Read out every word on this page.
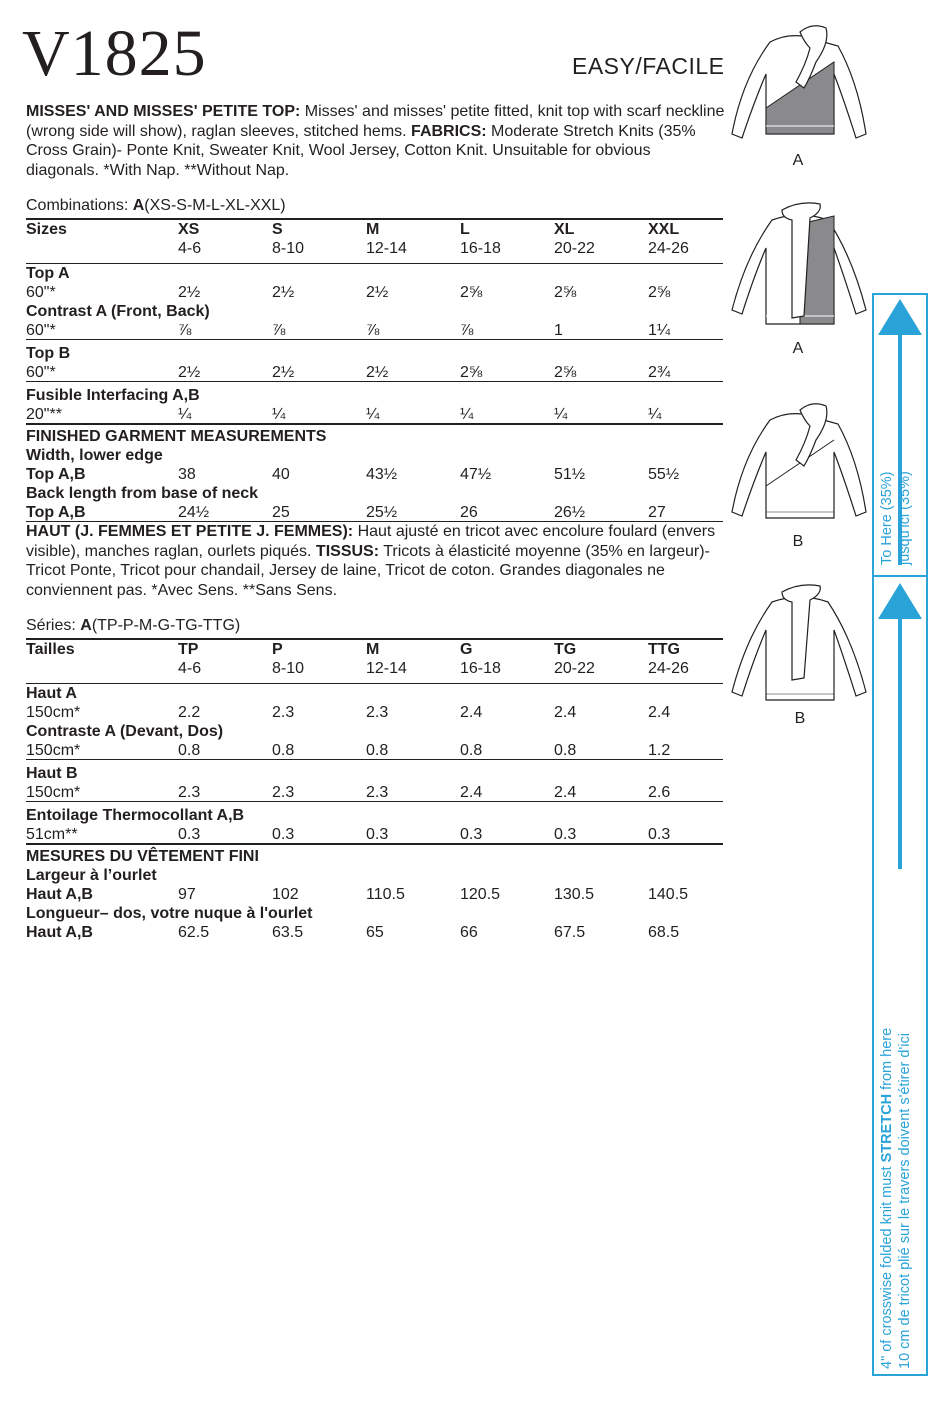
V1825	EASY/FACILE
MISSES' AND MISSES' PETITE TOP: Misses' and misses' petite fitted, knit top with scarf neckline (wrong side will show), raglan sleeves, stitched hems. FABRICS: Moderate Stretch Knits (35% Cross Grain)- Ponte Knit, Sweater Knit, Wool Jersey, Cotton Knit. Unsuitable for obvious diagonals. *With Nap. **Without Nap.
Combinations: A(XS-S-M-L-XL-XXL)
Sizes	XS	S	M	L	XL	XXL
4-6	8-10	12-14	16-18	20-22	24-26
Top A
60"*	2½	2½	2½	2⅝	2⅝	2⅝
Contrast A (Front, Back)
60"*	⅞	⅞	⅞	⅞	1	1¼
Top B
60"*	2½	2½	2½	2⅝	2⅝	2¾
Fusible Interfacing A,B
20"**	¼	¼	¼	¼	¼	¼
FINISHED GARMENT MEASUREMENTS
Width, lower edge
Top A,B	38	40	43½	47½	51½	55½
Back length from base of neck
Top A,B	24½	25	25½	26	26½	27
HAUT (J. FEMMES ET PETITE J. FEMMES): Haut ajusté en tricot avec encolure foulard (envers visible), manches raglan, ourlets piqués. TISSUS: Tricots à élasticité moyenne (35% en largeur)- Tricot Ponte, Tricot pour chandail, Jersey de laine, Tricot de coton. Grandes diagonales ne conviennent pas. *Avec Sens. **Sans Sens.
Séries: A(TP-P-M-G-TG-TTG)
Tailles	TP	P	M	G	TG	TTG
4-6	8-10	12-14	16-18	20-22	24-26
Haut A
150cm*	2.2	2.3	2.3	2.4	2.4	2.4
Contraste A (Devant, Dos)
150cm*	0.8	0.8	0.8	0.8	0.8	1.2
Haut B
150cm*	2.3	2.3	2.3	2.4	2.4	2.6
Entoilage Thermocollant A,B
51cm**	0.3	0.3	0.3	0.3	0.3	0.3
MESURES DU VÊTEMENT FINI
Largeur à l’ourlet
Haut A,B	97	102	110.5	120.5	130.5	140.5
Longueur– dos, votre nuque à l'ourlet
Haut A,B	62.5	63.5	65	66	67.5	68.5
A
A
B
B
To Here (35%) jusqu'ici (35%)
4" of crosswise folded knit must STRETCH from here 10 cm de tricot plié sur le travers doivent s'étirer d'ici
